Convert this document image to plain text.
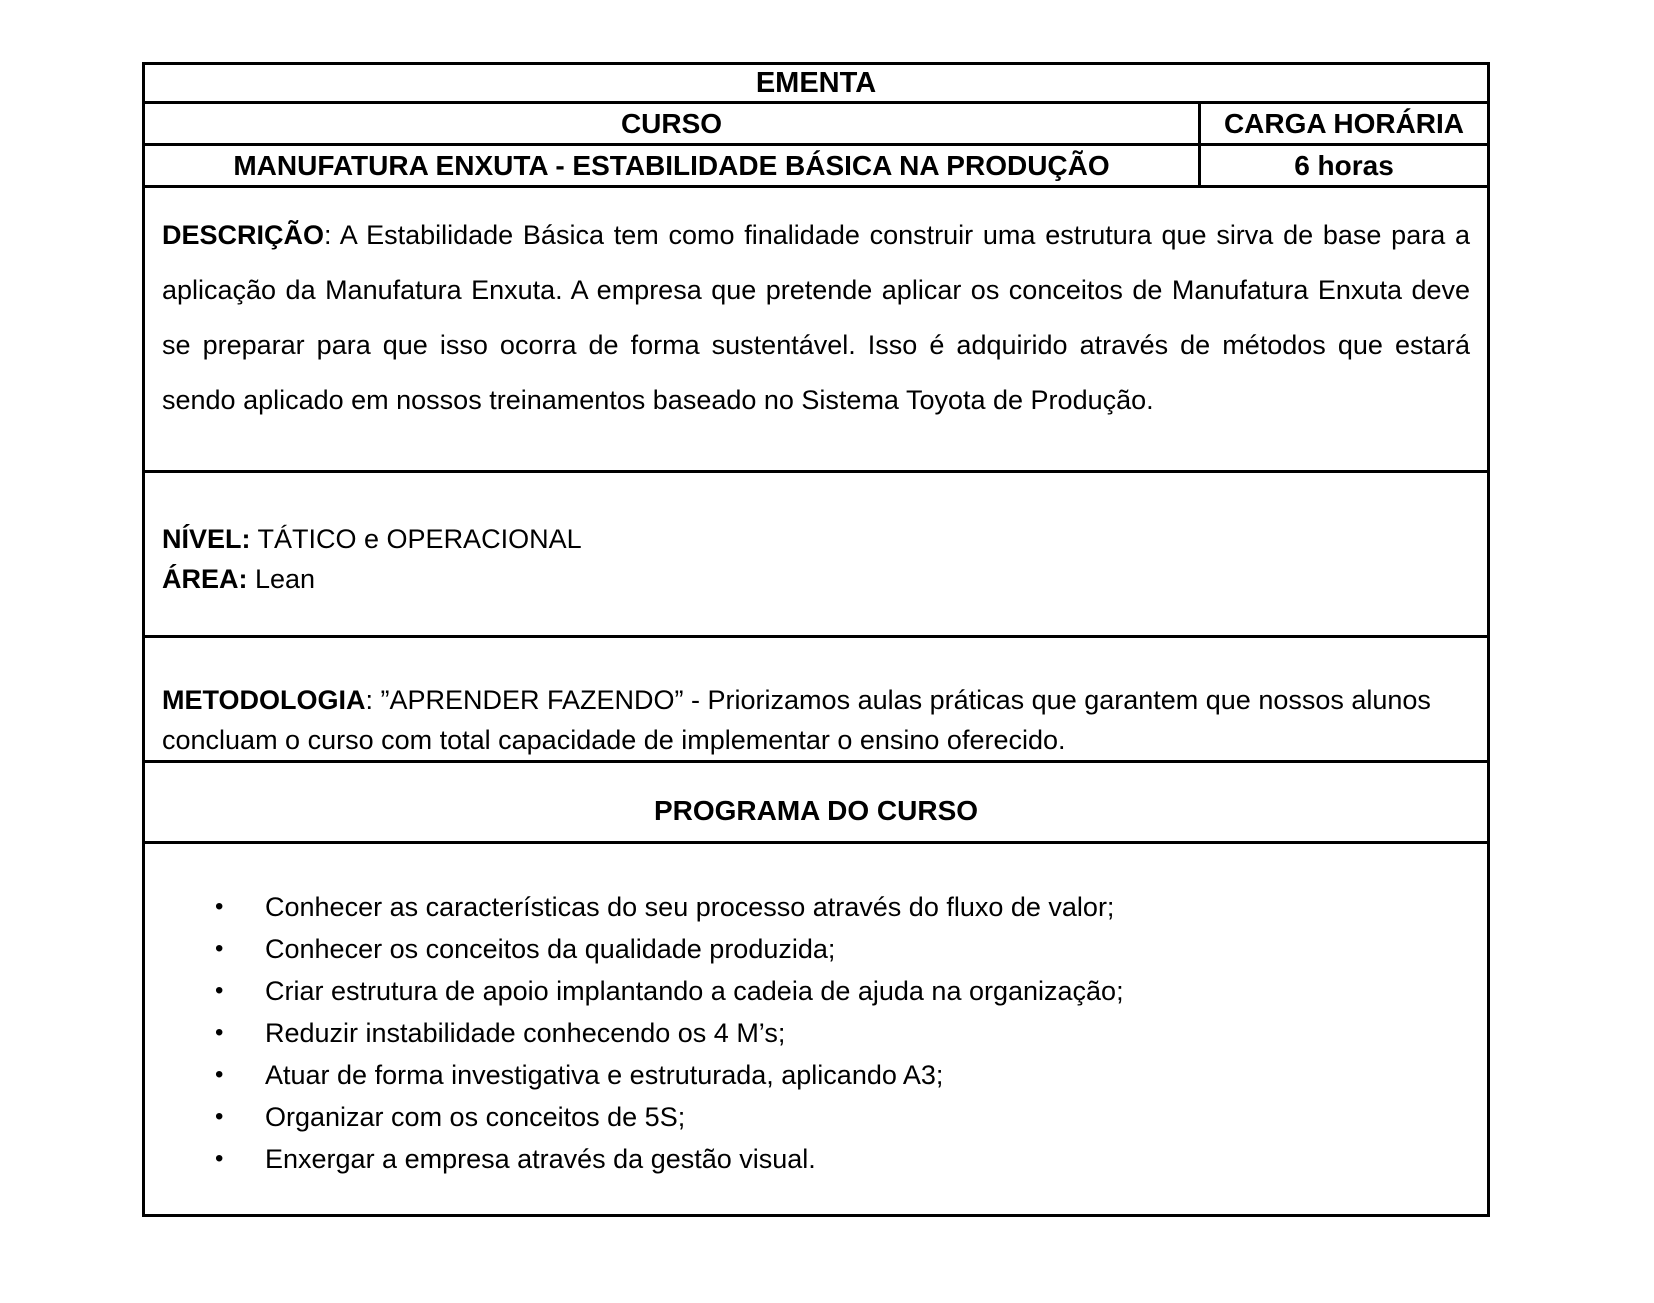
EMENTA
CURSO	CARGA HORÁRIA
MANUFATURA ENXUTA - ESTABILIDADE BÁSICA NA PRODUÇÃO	6 horas

DESCRIÇÃO: A Estabilidade Básica tem como finalidade construir uma estrutura que sirva de base para a aplicação da Manufatura Enxuta. A empresa que pretende aplicar os conceitos de Manufatura Enxuta deve se preparar para que isso ocorra de forma sustentável. Isso é adquirido através de métodos que estará sendo aplicado em nossos treinamentos baseado no Sistema Toyota de Produção.

NÍVEL: TÁTICO e OPERACIONAL
ÁREA: Lean

METODOLOGIA: ”APRENDER FAZENDO” - Priorizamos aulas práticas que garantem que nossos alunos concluam o curso com total capacidade de implementar o ensino oferecido.

PROGRAMA DO CURSO
• Conhecer as características do seu processo através do fluxo de valor;
• Conhecer os conceitos da qualidade produzida;
• Criar estrutura de apoio implantando a cadeia de ajuda na organização;
• Reduzir instabilidade conhecendo os 4 M’s;
• Atuar de forma investigativa e estruturada, aplicando A3;
• Organizar com os conceitos de 5S;
• Enxergar a empresa através da gestão visual.
